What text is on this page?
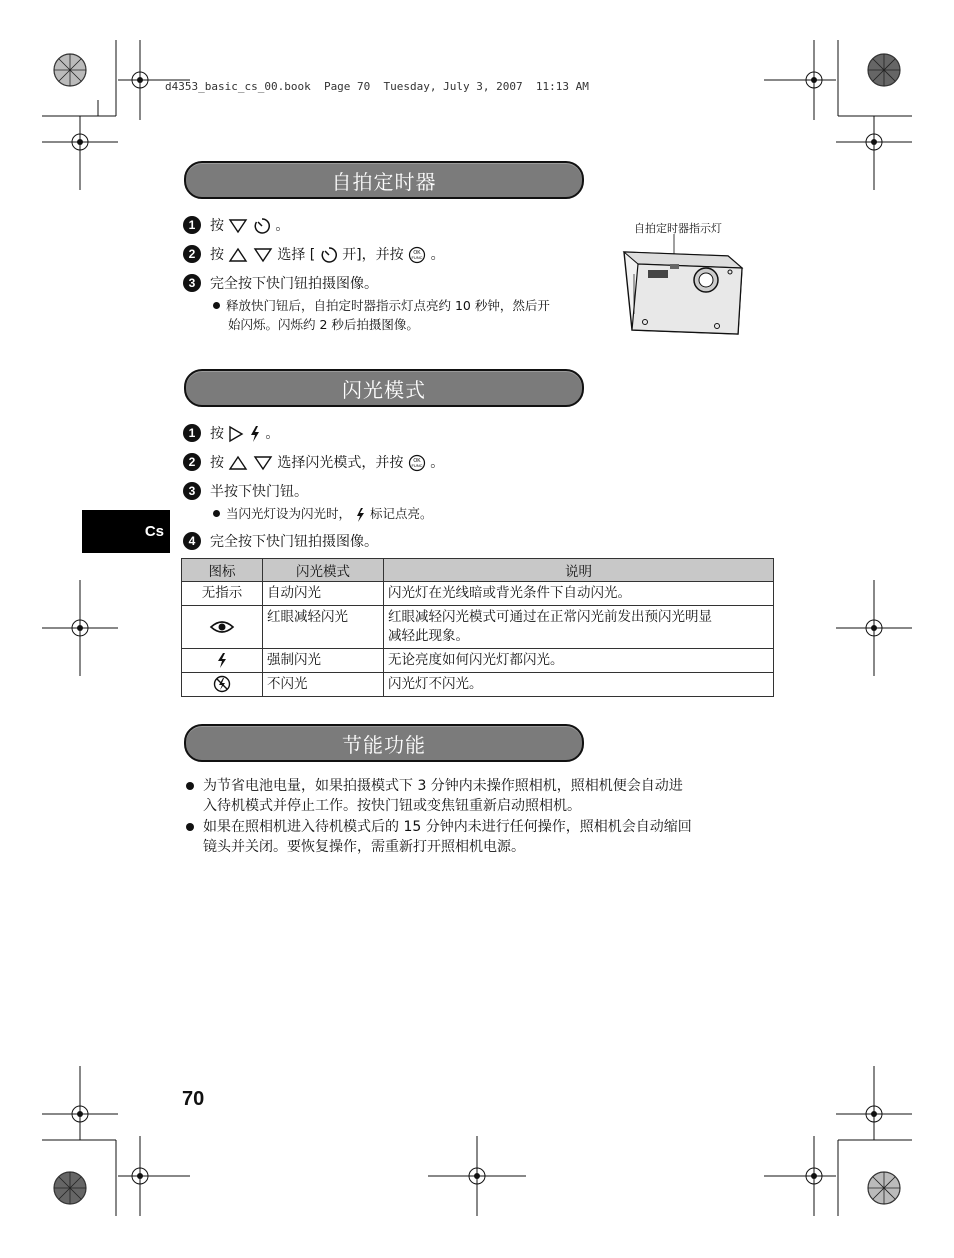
d4353_basic_cs_00.book  Page 70  Tuesday, July 3, 2007  11:13 AM
自拍定时器
1	按
	。
2	按
	选择 [
开]，并按 OK
FUNC 。
3	完全按下快门钮拍摄图像。
释放快门钮后，自拍定时器指示灯点亮约 10 秒钟，然后开
始闪烁。闪烁约 2 秒后拍摄图像。
自拍定时器指示灯
闪光模式
1	按
	。
2	按
	选择闪光模式，并按 OK
FUNC 。
3	半按下快门钮。
当闪光灯设为闪光时，
标记点亮。
Cs
4	完全按下快门钮拍摄图像。
图标	闪光模式	说明
无指示	自动闪光	闪光灯在光线暗或背光条件下自动闪光。

	红眼减轻闪光	红眼减轻闪光模式可通过在正常闪光前发出预闪光明显
减轻此现象。

	强制闪光	无论亮度如何闪光灯都闪光。

	不闪光	闪光灯不闪光。
节能功能
为节省电池电量，如果拍摄模式下 3 分钟内未操作照相机，照相机便会自动进
入待机模式并停止工作。按快门钮或变焦钮重新启动照相机。
如果在照相机进入待机模式后的 15 分钟内未进行任何操作，照相机会自动缩回
镜头并关闭。要恢复操作，需重新打开照相机电源。
70
